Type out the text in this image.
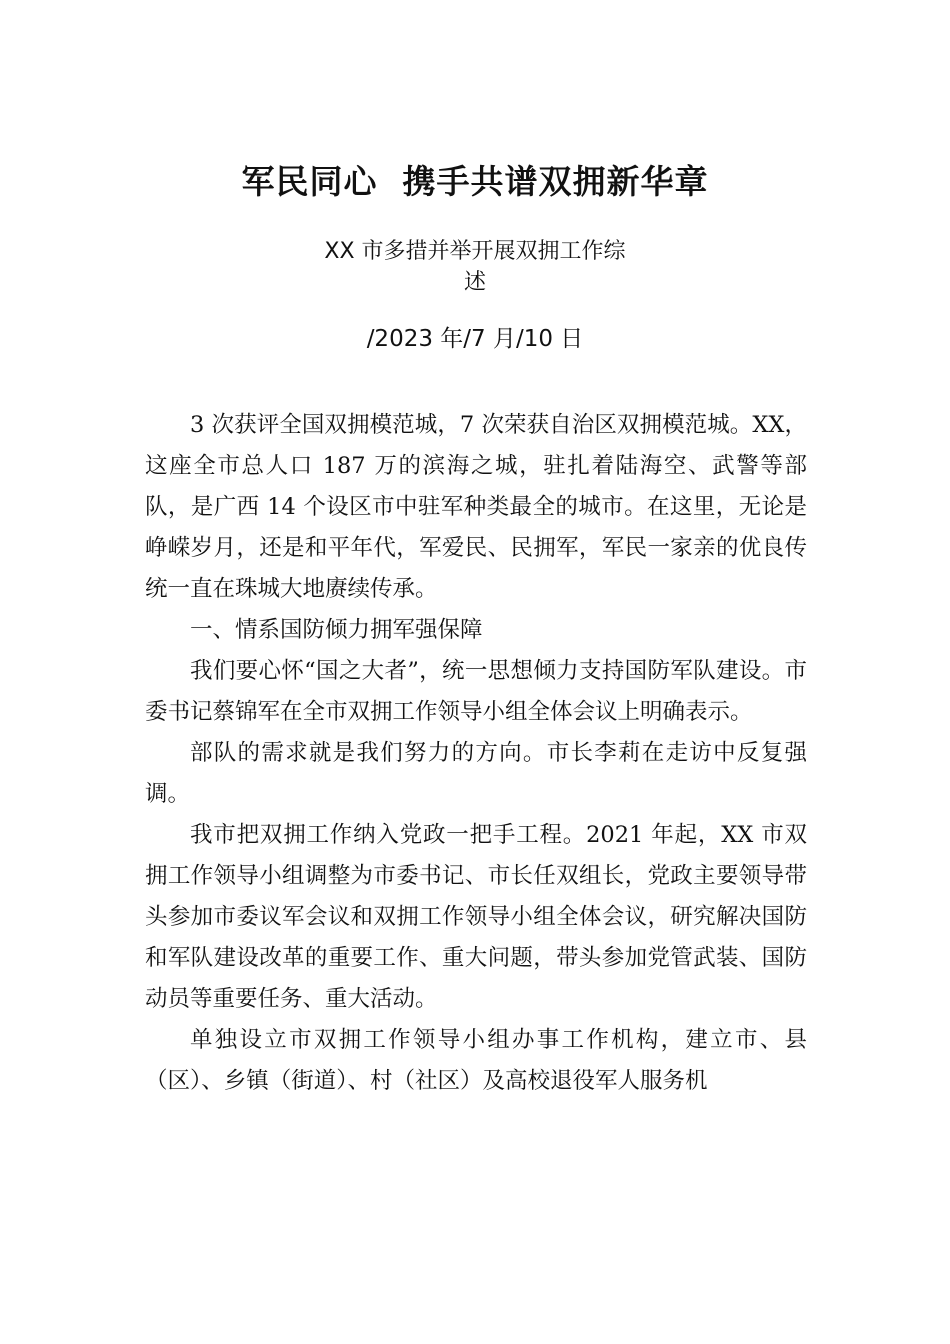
军民同心  携手共谱双拥新华章
XX 市多措并举开展双拥工作综
述
/2023 年/7 月/10 日

3 次获评全国双拥模范城，7 次荣获自治区双拥模范城。XX，这座全市总人口 187 万的滨海之城，驻扎着陆海空、武警等部队，是广西 14 个设区市中驻军种类最全的城市。在这里，无论是峥嵘岁月，还是和平年代，军爱民、民拥军，军民一家亲的优良传统一直在珠城大地赓续传承。

一、情系国防倾力拥军强保障

我们要心怀“国之大者”，统一思想倾力支持国防军队建设。市委书记蔡锦军在全市双拥工作领导小组全体会议上明确表示。

部队的需求就是我们努力的方向。市长李莉在走访中反复强调。

我市把双拥工作纳入党政一把手工程。2021 年起，XX 市双拥工作领导小组调整为市委书记、市长任双组长，党政主要领导带头参加市委议军会议和双拥工作领导小组全体会议，研究解决国防和军队建设改革的重要工作、重大问题，带头参加党管武装、国防动员等重要任务、重大活动。

单独设立市双拥工作领导小组办事工作机构，建立市、县（区）、乡镇（街道）、村（社区）及高校退役军人服务机
